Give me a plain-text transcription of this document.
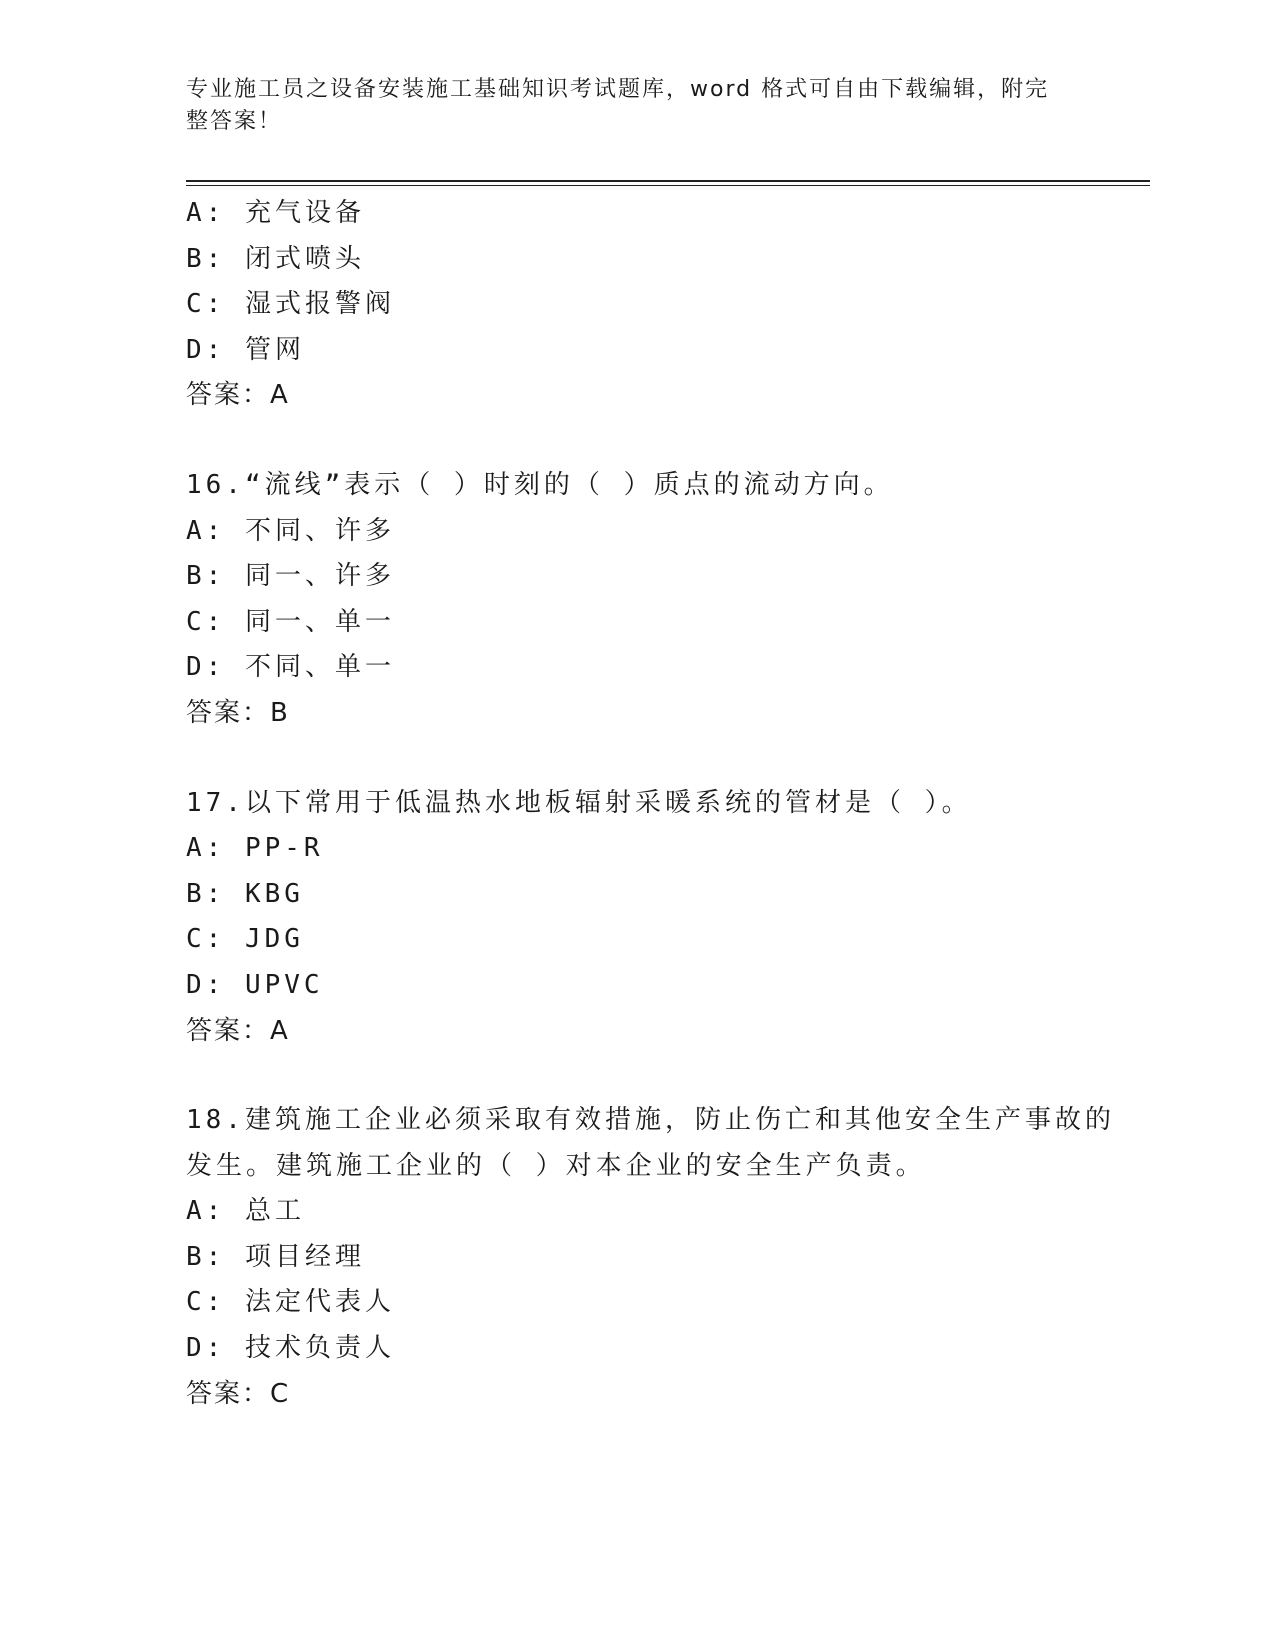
专业施工员之设备安装施工基础知识考试题库，word 格式可自由下载编辑，附完
整答案！
A: 充气设备
B: 闭式喷头
C: 湿式报警阀
D: 管网
答案：A
16.“流线”表示（ ）时刻的（ ）质点的流动方向。
A: 不同、许多
B: 同一、许多
C: 同一、单一
D: 不同、单一
答案：B
17.以下常用于低温热水地板辐射采暖系统的管材是（ ）。
A: PP-R
B: KBG
C: JDG
D: UPVC
答案：A
18.建筑施工企业必须采取有效措施，防止伤亡和其他安全生产事故的
发生。建筑施工企业的（ ）对本企业的安全生产负责。
A: 总工
B: 项目经理
C: 法定代表人
D: 技术负责人
答案：C
